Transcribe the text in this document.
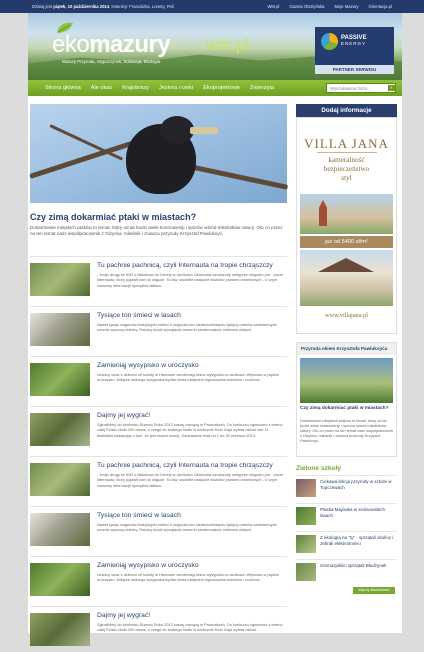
Dzisiaj jest piątek, 10 października 2014, Imieniny: Franciszka, Loretty, Poli	WM.pl Gazeta Olsztyńska Moje Mazury Orientacja.pl
ekomazury .wm.pl
Mazury Przyroda, Wypoczynek, Edukacja, Ekologia
PASSIVE
ENERGY
PARTNER SERWISU
Strona główna	Ale okaz	Krajobrazy	Jeziora i rzeki	Ekoprojektowe	Zwierzęta	Wyszukiwana fraza...	›
Czy zimą dokarmiać ptaki w miastach?
Dokarmianie miejskich ptaków to temat, który od lat budzi wiele kontrowersji i sporów wśród miłośników natury. Oto co przez na ten temat nasz współpracownik z Giżycka, miłośnik i znawca przyrody Krzysztof Pawlukoyć.
Tu pachnie pachnicą, czyli Internauta na tropie chrząszczy
- Jedyr drogy se 52R z Mikołowa do Ornety w okolicach Głodowka oznaczony metyprec ckupoko pnr - przze internauta, który pojawił nam to objęcie. To tzw. swobiite ossiyzze swadów prawem chronionych - o czym zwoczny informacje specjalna tablica.
Tysiące ton śmieci w lasach
Nawet tysiąc wagonów kolejowych śmieci o objętości sto siedemdziesięciu tysięcy metrów sześciennych rocznie wywozą leśnicy. Roczny koszt sprzątania lasów to siedemnaście milionów złotych.
Zamieniąj wysypisko w uroczysko
Leśnicy wraz z dziećmi ze szkoły w Harnowie zamierzają leśne wysypisko w okolicach Wipsowa w piękne uroczysko. Miejsce dzikiego wysypiska będzie teraz miejscem wypoczynku leśników i uczniów.
Dajmy jej wygrać!
Zgłosiliśmy do konkursu Drzewo Roku 2013 sosnę rosnącą w Promotkach. Do konkursu zgłoszono z terenu całej Polski około 200 drzew, z czego do ścisłego finału w konkursie Klub Gaja wybrał całość wśr 11 finalistów wskazując z tym, że tym razem sosnę. Głosowanie trwa od 1 do 30 czerwca 2013.
Tu pachnie pachnicą, czyli Internauta na tropie chrząszczy
- Jedyr drogy se 52R z Mikołowa do Ornety w okolicach Głodowka oznaczony metyprec ckupoko pnr - przze internauta, który pojawił nam to objęcie. To tzw. swobiite ossiyzze swadów prawem chronionych - o czym zwoczny informacje specjalna tablica.
Tysiące ton śmieci w lasach
Nawet tysiąc wagonów kolejowych śmieci o objętości sto siedemdziesięciu tysięcy metrów sześciennych rocznie wywozą leśnicy. Roczny koszt sprzątania lasów to siedemnaście milionów złotych.
Zamieniąj wysypisko w uroczysko
Leśnicy wraz z dziećmi ze szkoły w Harnowie zamierzają leśne wysypisko w okolicach Wipsowa w piękne uroczysko. Miejsce dzikiego wysypiska będzie teraz miejscem wypoczynku leśników i uczniów.
Dajmy jej wygrać!
Zgłosiliśmy do konkursu Drzewo Roku 2013 sosnę rosnącą w Promotkach. Do konkursu zgłoszono z terenu całej Polski około 200 drzew, z czego do ścisłego finału w konkursie Klub Gaja wybrał całość.
Dodaj informacje
VILLA JANA
kameralność
bezpieczeństwo
styl
już od 5400 zł/m²
www.villajana.pl
Przyroda okiem Krzysztofa Pawlukoyća
Czy zimą dokarmiać ptaki w miastach?
Dokarmianie miejskich ptaków to temat, który od lat budzi wiele kontrowersji i sporów wśród miłośników natury. Oto co przez na ten temat nasz współpracownik z Giżycka, miłośnik i znawca przyrody Krzysztof Pawlukoyć.
Zielone szkoły
Ciekawa lekcja przyrody w szkole w Topczewach
Plastia Majówka w sroksowskich lasach
Z ekologią na "ty" - sprzątali okolicę i zebrali elektrośmieci
Gimnazjaliści sprzątali Błudzynek
więcej wiadomości
